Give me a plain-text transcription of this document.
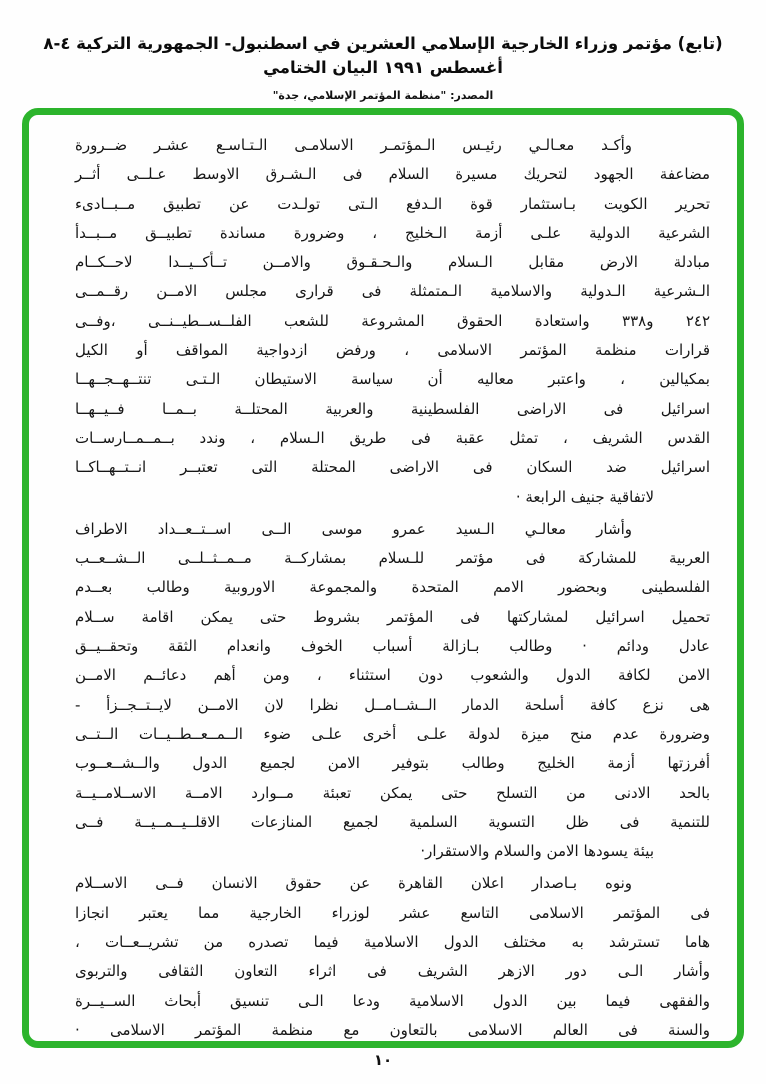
(تابع) مؤتمر وزراء الخارجية الإسلامي العشرين في اسطنبول- الجمهورية التركية ٤-٨ أغسطس ١٩٩١ البيان الختامي
المصدر: "منظمة المؤتمر الإسلامي، جدة"
وأكـد معـالـي رئيـس الـمؤتمـر الاسلامـى الـتـاسـع عشـر ضــرورة
مضاعفة الجهود لتحريك مسيرة السلام فى الـشـرق الاوسط عـلــى أثــر
تحرير الكويت بـاستثمار قوة الـدفع الـتى تولـدت عن تطبيق مــبــادىء
الشرعية الدولية علـى أزمة الـخليج ، وضرورة مساندة تطبيــق مــبــدأ
مبادلة الارض مقابل الـسلام والـحـقـوق والامــن تــأكــيــدا لاحــكــام
الـشرعية الـدولية والاسلامية الـمتمثلة فى قرارى مجلس الامــن رقــمــى
٢٤٢ و٣٣٨ واستعادة الحقوق المشروعة للشعب الفلــســطيــنــى ،وفــى
قرارات منظمة المؤتمر الاسلامى ، ورفض ازدواجية المواقف أو الكيل
بمكيالين ، واعتبر معاليه أن سياسة الاستيطان الـتـى تنتــهــجــهــا
اسرائيل فى الاراضى الفلسطينية والعربية المحتلــة بــمــا فــيــهــا
القدس الشريف ، تمثل عقبة فى طريق الـسلام ، وندد بــمــمــارســات
اسرائيل ضد السكان فى الاراضى المحتلة التى تعتبــر انــتــهــاكــا
لاتفاقية جنيف الرابعة ·
وأشار معالـي الـسيد عمرو موسى الــى اســتــعــداد الاطراف
العربية للمشاركة فى مؤتمر للـسلام بمشاركــة مــمــثــلــى الــشــعــب
الفلسطينى وبحضور الامم المتحدة والمجموعة الاوروبية وطالب بعــدم
تحميل اسرائيل لمشاركتها فى المؤتمر بشروط حتى يمكن اقامة ســلام
عادل ودائم · وطالب بـازالة أسباب الخوف وانعدام الثقة وتحقــيــق
الامن لكافة الدول والشعوب دون استثناء ، ومن أهم دعائــم الامــن
هى نزع كافة أسلحة الدمار الــشــامــل نظرا لان الامــن لايــتــجــزأ -
وضرورة عدم منح ميزة لدولة علـى أخرى علـى ضوء الــمــعــطــيــات الــتــى
أفرزتها أزمة الخليج وطالب بتوفير الامن لجميع الدول والــشــعــوب
بالحد الادنى من التسلح حتى يمكن تعبئة مــوارد الامــة الاســلامــيــة
للتنمية فى ظل التسوية السلمية لجميع المنازعات الاقلــيــمــيــة فــى
بيئة يسودها الامن والسلام والاستقرار·
ونوه بـاصدار اعلان القاهرة عن حقوق الانسان فــى الاســلام
فى المؤتمر الاسلامى التاسع عشر لوزراء الخارجية مما يعتبر انجازا
هاما تسترشد به مختلف الدول الاسلامية فيما تصدره من تشريــعــات ،
وأشار الـى دور الازهر الشريف فى اثراء التعاون الثقافى والتربوى
والفقهى فيما بين الدول الاسلامية ودعا الـى تنسيق أبحاث الســيــرة
والسنة فى العالم الاسلامى بالتعاون مع منظمة المؤتمر الاسلامى ·
١٠
